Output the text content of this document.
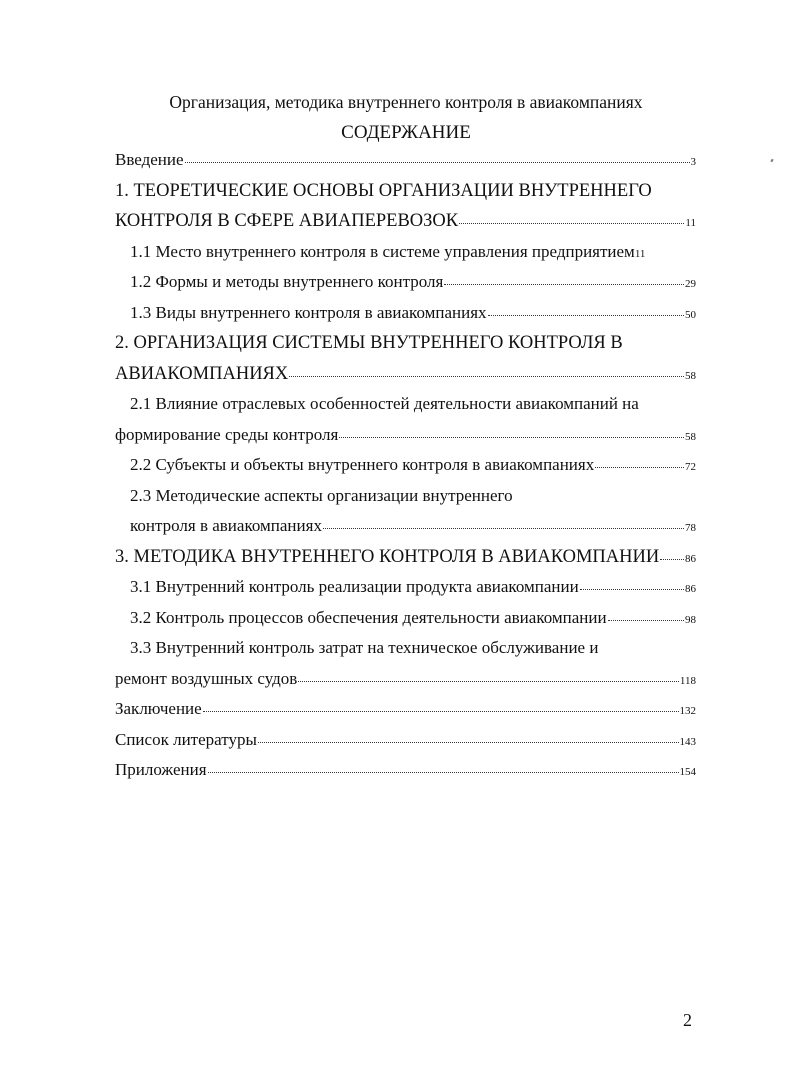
Организация, методика внутреннего контроля в авиакомпаниях
СОДЕРЖАНИЕ
Введение	3
1. ТЕОРЕТИЧЕСКИЕ ОСНОВЫ ОРГАНИЗАЦИИ ВНУТРЕННЕГО
КОНТРОЛЯ В СФЕРЕ АВИАПЕРЕВОЗОК	11
1.1 Место внутреннего контроля в системе управления предприятием 11
1.2 Формы и методы внутреннего контроля	29
1.3 Виды внутреннего контроля в авиакомпаниях	50
2. ОРГАНИЗАЦИЯ СИСТЕМЫ ВНУТРЕННЕГО КОНТРОЛЯ В
АВИАКОМПАНИЯХ	58
2.1 Влияние отраслевых особенностей деятельности авиакомпаний на
формирование среды контроля	58
2.2 Субъекты и объекты внутреннего контроля в авиакомпаниях	72
2.3 Методические аспекты организации внутреннего
контроля в авиакомпаниях	78
3. МЕТОДИКА ВНУТРЕННЕГО КОНТРОЛЯ В АВИАКОМПАНИИ 86
3.1 Внутренний контроль реализации продукта авиакомпании	86
3.2 Контроль процессов обеспечения деятельности авиакомпании	98
3.3 Внутренний контроль затрат на техническое обслуживание и
ремонт воздушных судов	118
Заключение	132
Список литературы	143
Приложения	154
2
